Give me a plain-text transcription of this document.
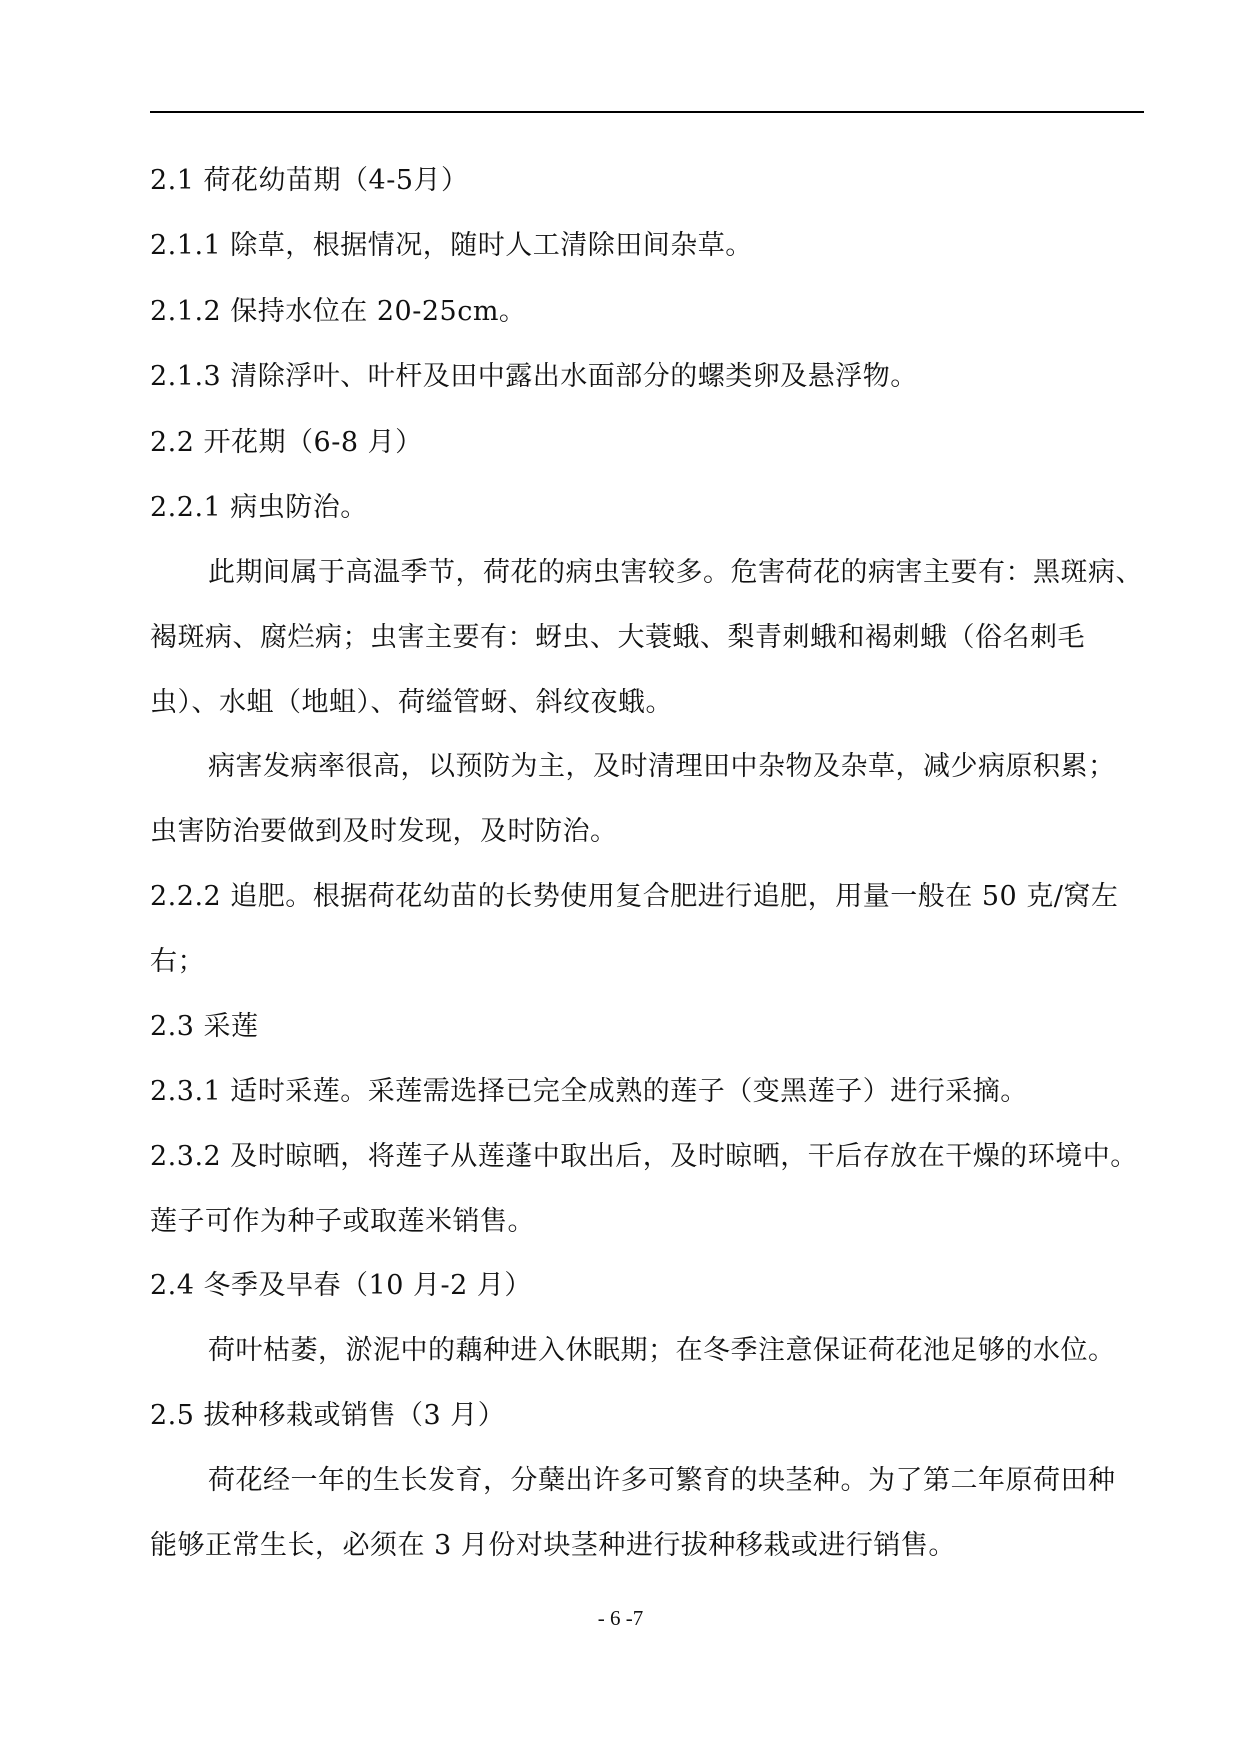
2.1 荷花幼苗期（4-5月）
2.1.1 除草，根据情况，随时人工清除田间杂草。
2.1.2 保持水位在 20-25cm。
2.1.3 清除浮叶、叶杆及田中露出水面部分的螺类卵及悬浮物。
2.2 开花期（6-8 月）
2.2.1 病虫防治。
此期间属于高温季节，荷花的病虫害较多。危害荷花的病害主要有：黑斑病、
褐斑病、腐烂病；虫害主要有：蚜虫、大蓑蛾、梨青刺蛾和褐刺蛾（俗名刺毛
虫）、水蛆（地蛆）、荷缢管蚜、斜纹夜蛾。
病害发病率很高，以预防为主，及时清理田中杂物及杂草，减少病原积累；
虫害防治要做到及时发现，及时防治。
2.2.2 追肥。根据荷花幼苗的长势使用复合肥进行追肥，用量一般在 50 克/窝左
右；
2.3 采莲
2.3.1 适时采莲。采莲需选择已完全成熟的莲子（变黑莲子）进行采摘。
2.3.2 及时晾晒，将莲子从莲蓬中取出后，及时晾晒，干后存放在干燥的环境中。
莲子可作为种子或取莲米销售。
2.4 冬季及早春（10 月-2 月）
荷叶枯萎，淤泥中的藕种进入休眠期；在冬季注意保证荷花池足够的水位。
2.5 拔种移栽或销售（3 月）
荷花经一年的生长发育，分蘖出许多可繁育的块茎种。为了第二年原荷田种
能够正常生长，必须在 3 月份对块茎种进行拔种移栽或进行销售。
- 6 -7
